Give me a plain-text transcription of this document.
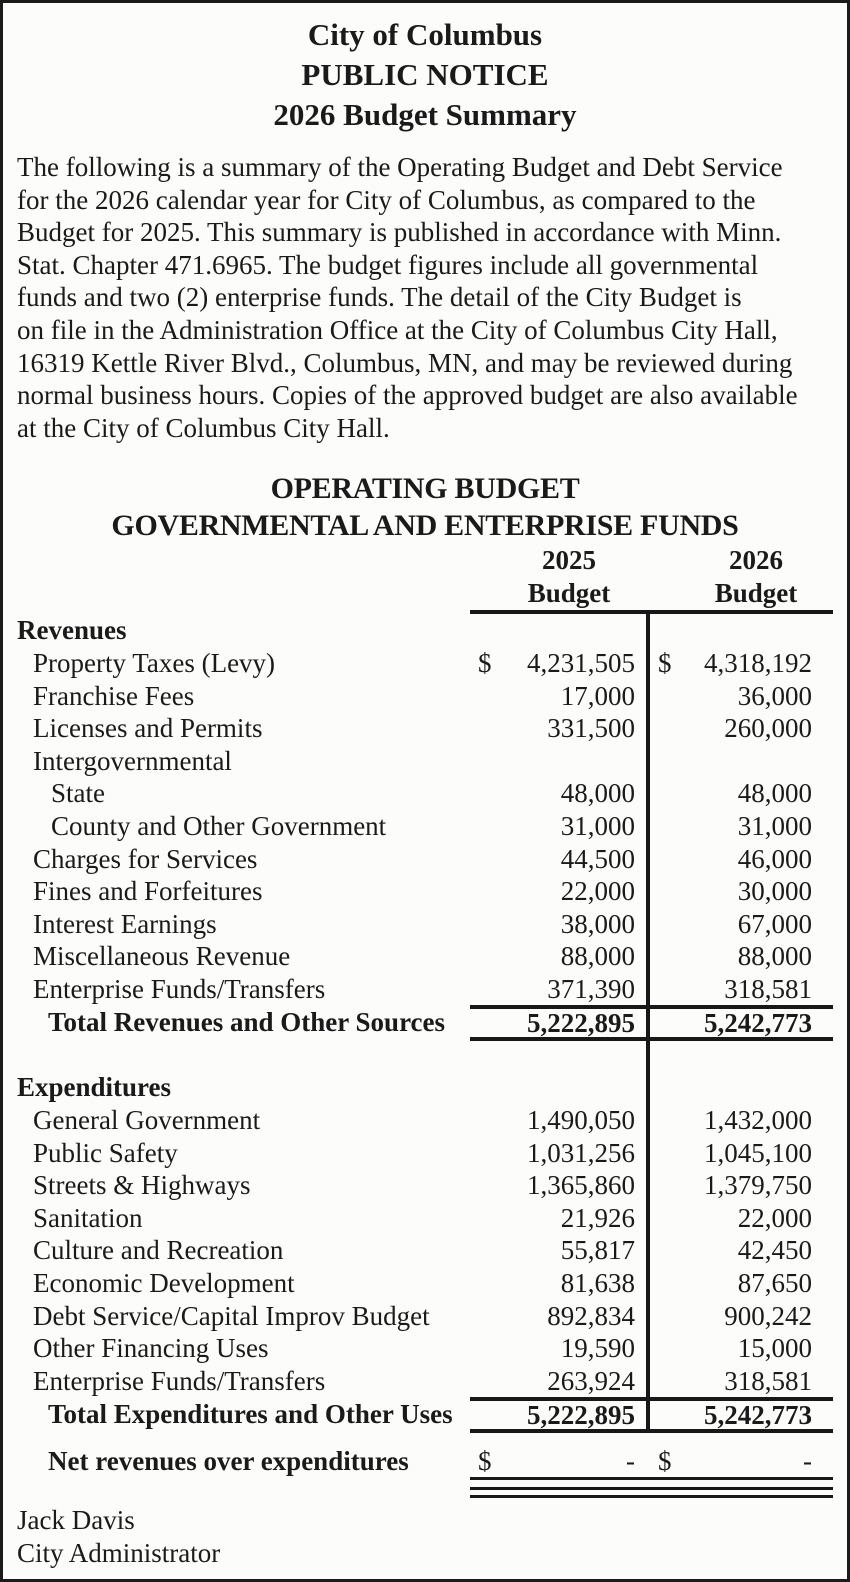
City of Columbus
PUBLIC NOTICE
2026 Budget Summary
The following is a summary of the Operating Budget and Debt Service
for the 2026 calendar year for City of Columbus, as compared to the
Budget for 2025. This summary is published in accordance with Minn.
Stat. Chapter 471.6965. The budget figures include all governmental
funds and two (2) enterprise funds. The detail of the City Budget is
on file in the Administration Office at the City of Columbus City Hall,
16319 Kettle River Blvd., Columbus, MN, and may be reviewed during
normal business hours. Copies of the approved budget are also available
at the City of Columbus City Hall.
OPERATING BUDGET
GOVERNMENTAL AND ENTERPRISE FUNDS
2025
Budget
2026
Budget
Revenues
Property Taxes (Levy)	$ 4,231,505 $ 4,318,192
Franchise Fees	17,000	36,000
Licenses and Permits	331,500	260,000
Intergovernmental
State	48,000	48,000
County and Other Government	31,000	31,000
Charges for Services	44,500	46,000
Fines and Forfeitures	22,000	30,000
Interest Earnings	38,000	67,000
Miscellaneous Revenue	88,000	88,000
Enterprise Funds/Transfers	371,390	318,581
Total Revenues and Other Sources	5,222,895	5,242,773
Expenditures
General Government	1,490,050	1,432,000
Public Safety	1,031,256	1,045,100
Streets & Highways	1,365,860	1,379,750
Sanitation	21,926	22,000
Culture and Recreation	55,817	42,450
Economic Development	81,638	87,650
Debt Service/Capital Improv Budget	892,834	900,242
Other Financing Uses	19,590	15,000
Enterprise Funds/Transfers	263,924	318,581
Total Expenditures and Other Uses	5,222,895	5,242,773
Net revenues over expenditures	$	- $	-
Jack Davis
City Administrator
